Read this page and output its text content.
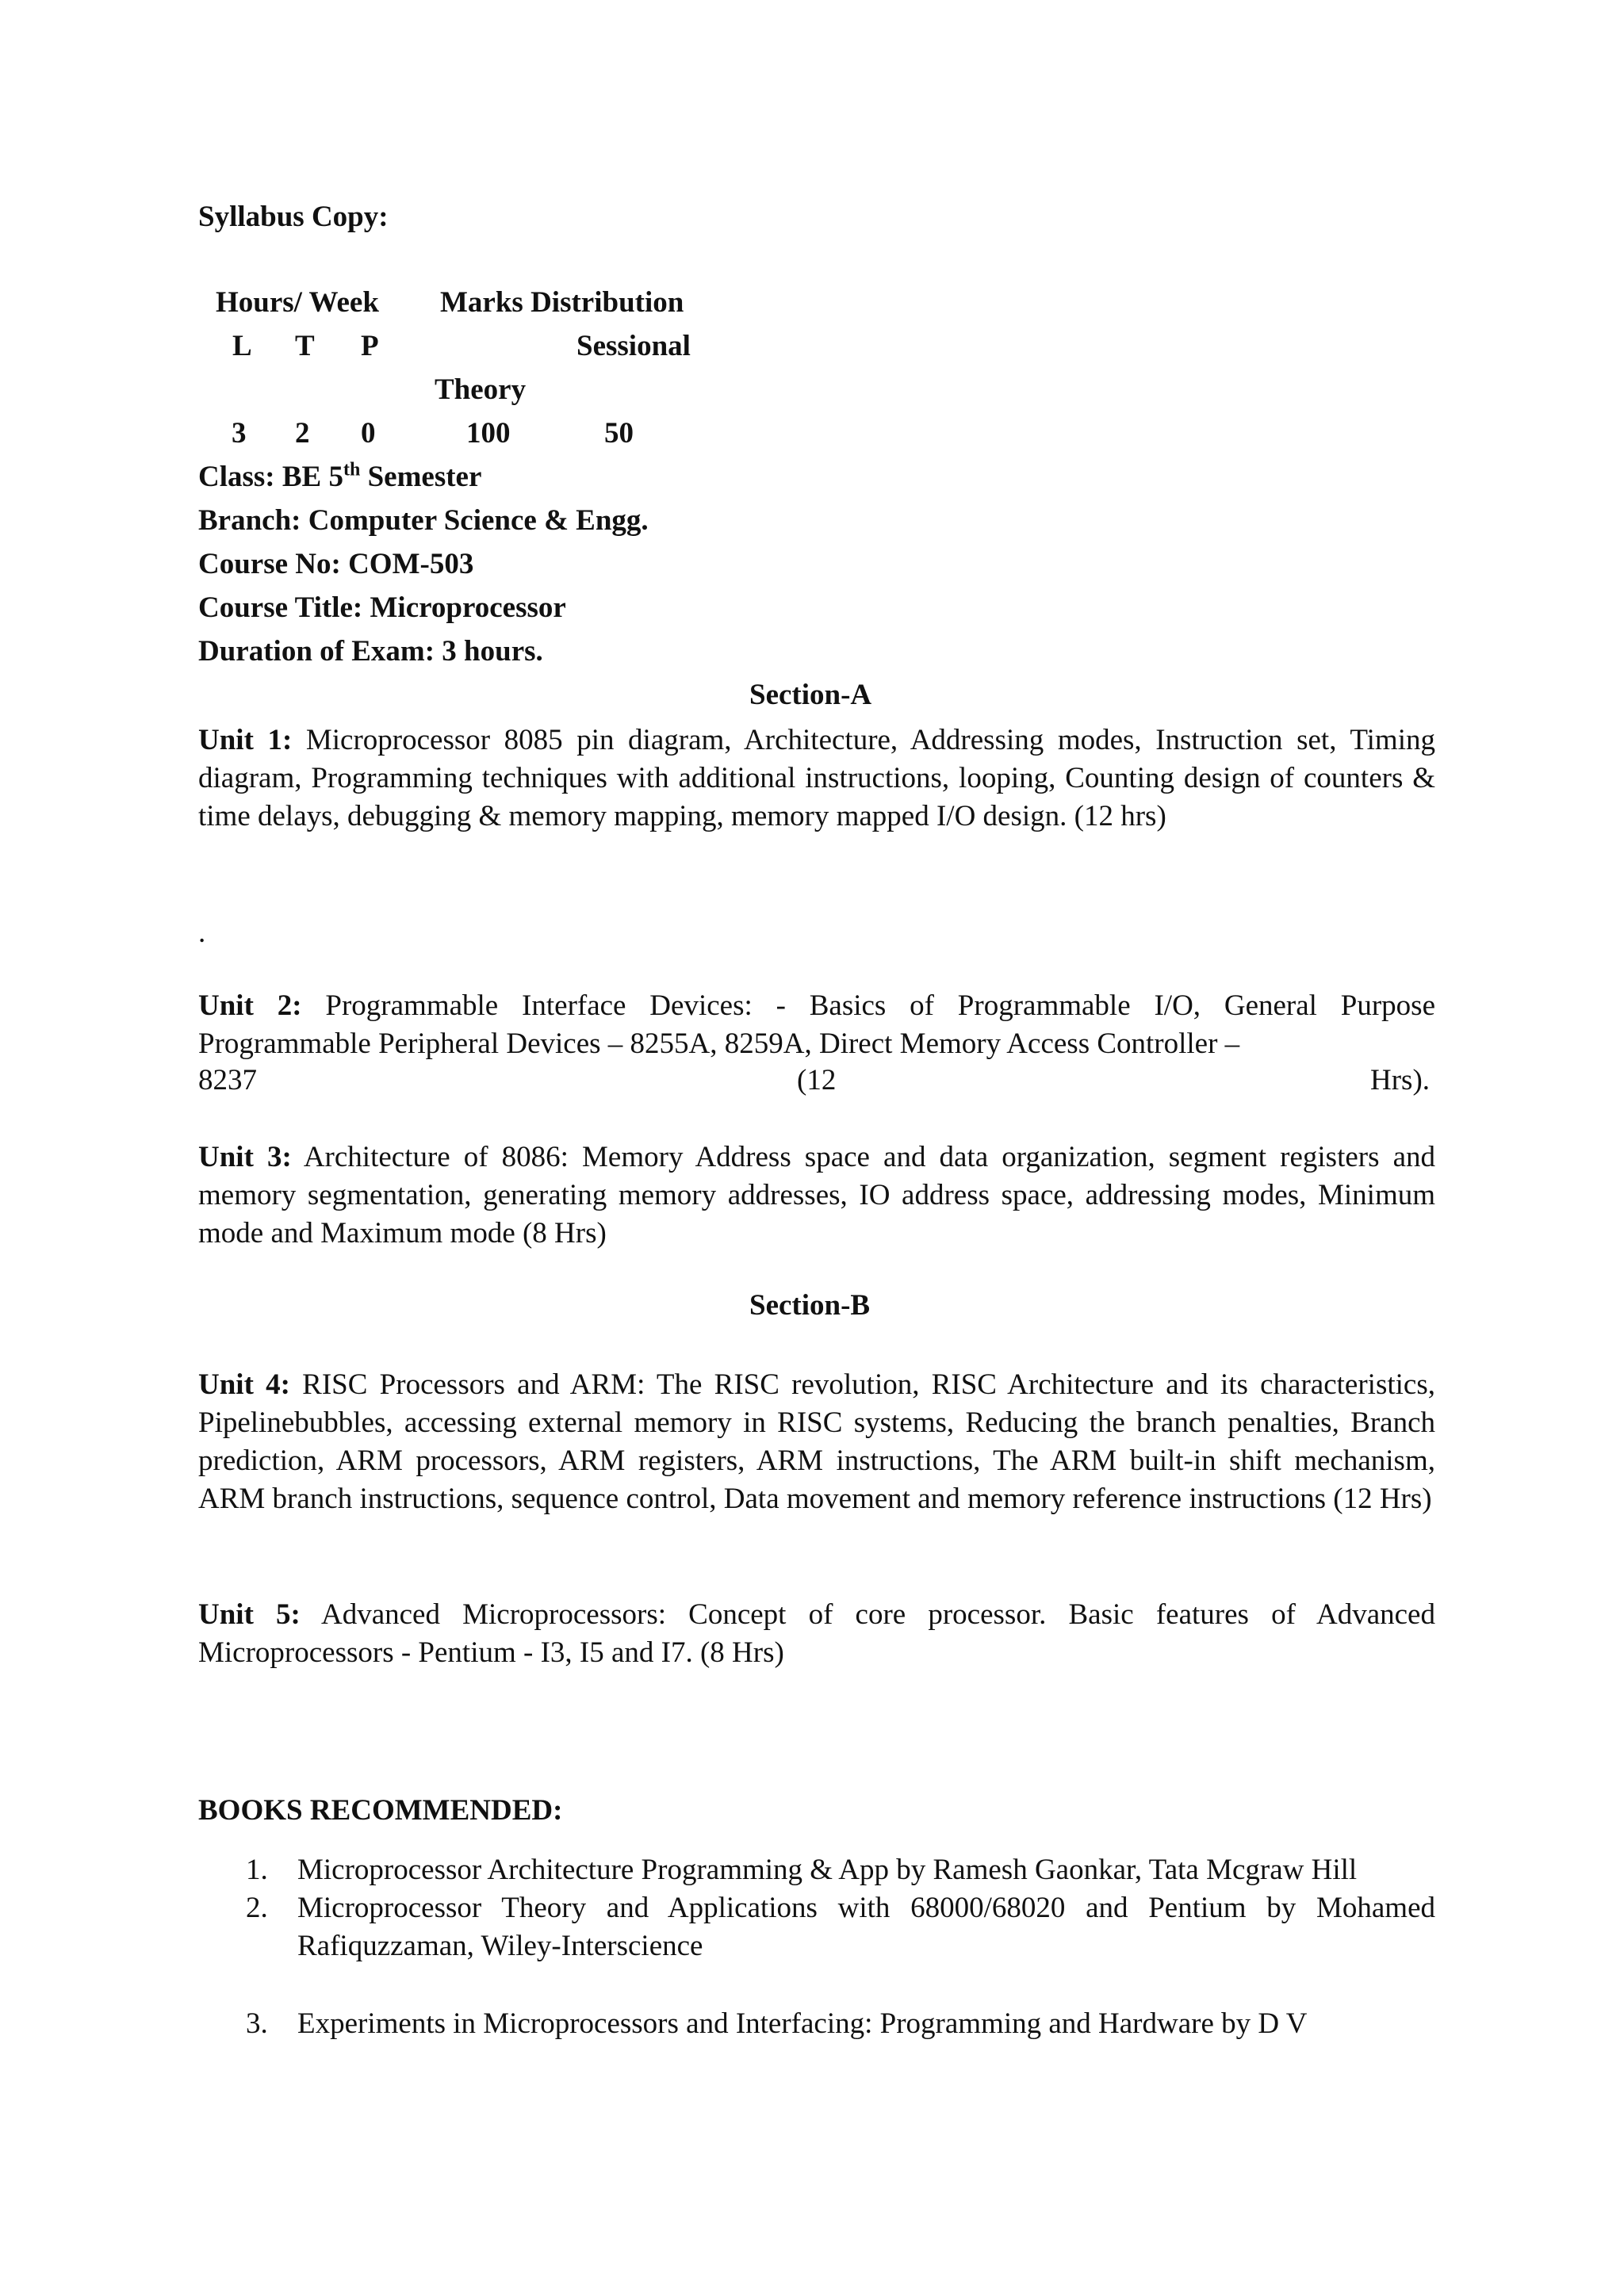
Syllabus Copy:
Hours/ Week Marks Distribution
L T P	Sessional
Theory
3 2 0	100	50
Class: BE 5th Semester
Branch: Computer Science & Engg.
Course No: COM-503
Course Title: Microprocessor
Duration of Exam: 3 hours.
Section-A
Unit 1: Microprocessor 8085 pin diagram, Architecture, Addressing modes, Instruction set, Timing diagram, Programming techniques with additional instructions, looping, Counting design of counters & time delays, debugging & memory mapping, memory mapped I/O design. (12 hrs)
.
Unit 2: Programmable Interface Devices: - Basics of Programmable I/O, General Purpose Programmable Peripheral Devices – 8255A, 8259A, Direct Memory Access Controller –
8237	(12	Hrs).
Unit 3: Architecture of 8086: Memory Address space and data organization, segment registers and memory segmentation, generating memory addresses, IO address space, addressing modes, Minimum mode and Maximum mode (8 Hrs)
Section-B
Unit 4: RISC Processors and ARM: The RISC revolution, RISC Architecture and its characteristics, Pipelinebubbles, accessing external memory in RISC systems, Reducing the branch penalties, Branch prediction, ARM processors, ARM registers, ARM instructions, The ARM built-in shift mechanism, ARM branch instructions, sequence control, Data movement and memory reference instructions (12 Hrs)
Unit 5: Advanced Microprocessors: Concept of core processor. Basic features of Advanced Microprocessors - Pentium - I3, I5 and I7. (8 Hrs)
BOOKS RECOMMENDED:
1. Microprocessor Architecture Programming & App by Ramesh Gaonkar, Tata Mcgraw Hill
2. Microprocessor Theory and Applications with 68000/68020 and Pentium by Mohamed Rafiquzzaman, Wiley-Interscience
3. Experiments in Microprocessors and Interfacing: Programming and Hardware by D V
